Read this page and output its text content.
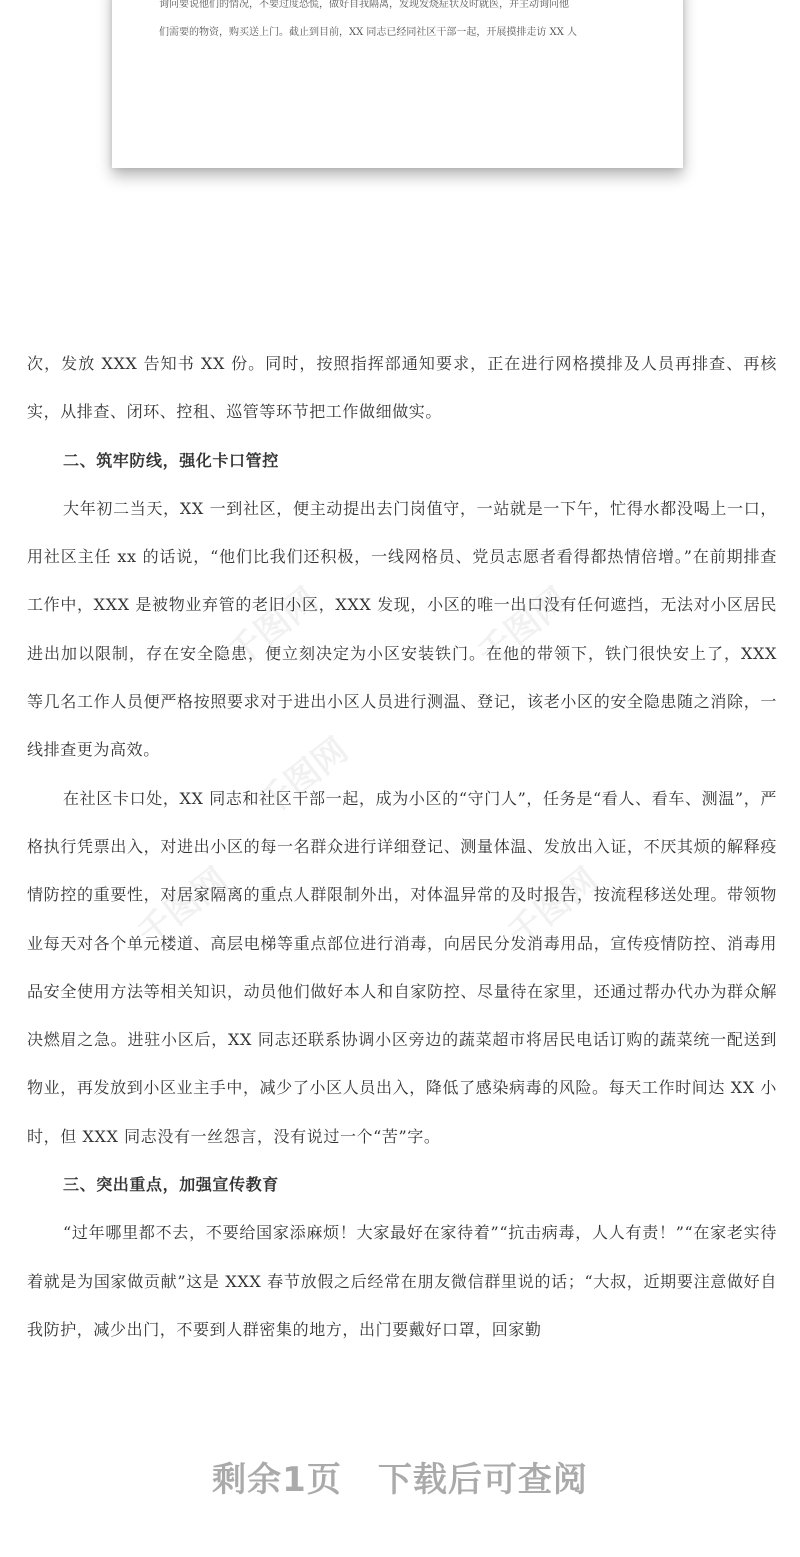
询问要说他们的情况，不要过度恐慌，做好自我隔离，发现发烧症状及时就医，并主动询问他
们需要的物资，购买送上门。截止到目前，XX 同志已经同社区干部一起，开展摸排走访 XX 人
千图网	千图网
千图网
千图网
千图网

次，发放 XXX 告知书 XX 份。同时，按照指挥部通知要求，正在进行网格摸排及人员再排查、再核实，从排查、闭环、控租、巡管等环节把工作做细做实。

二、筑牢防线，强化卡口管控

大年初二当天，XX 一到社区，便主动提出去门岗值守，一站就是一下午，忙得水都没喝上一口，用社区主任 xx 的话说，“他们比我们还积极，一线网格员、党员志愿者看得都热情倍增。”在前期排查工作中，XXX 是被物业弃管的老旧小区，XXX 发现，小区的唯一出口没有任何遮挡，无法对小区居民进出加以限制，存在安全隐患，便立刻决定为小区安装铁门。在他的带领下，铁门很快安上了，XXX 等几名工作人员便严格按照要求对于进出小区人员进行测温、登记，该老小区的安全隐患随之消除，一线排查更为高效。

在社区卡口处，XX 同志和社区干部一起，成为小区的“守门人”，任务是“看人、看车、测温”，严格执行凭票出入，对进出小区的每一名群众进行详细登记、测量体温、发放出入证，不厌其烦的解释疫情防控的重要性，对居家隔离的重点人群限制外出，对体温异常的及时报告，按流程移送处理。带领物业每天对各个单元楼道、高层电梯等重点部位进行消毒，向居民分发消毒用品，宣传疫情防控、消毒用品安全使用方法等相关知识，动员他们做好本人和自家防控、尽量待在家里，还通过帮办代办为群众解决燃眉之急。进驻小区后，XX 同志还联系协调小区旁边的蔬菜超市将居民电话订购的蔬菜统一配送到物业，再发放到小区业主手中，减少了小区人员出入，降低了感染病毒的风险。每天工作时间达 XX 小时，但 XXX 同志没有一丝怨言，没有说过一个“苦”字。

三、突出重点，加强宣传教育

“过年哪里都不去，不要给国家添麻烦！大家最好在家待着”“抗击病毒，人人有责！”“在家老实待着就是为国家做贡献”这是 XXX 春节放假之后经常在朋友微信群里说的话；“大叔，近期要注意做好自我防护，减少出门，不要到人群密集的地方，出门要戴好口罩，回家勤

剩余1页 下载后可查阅
